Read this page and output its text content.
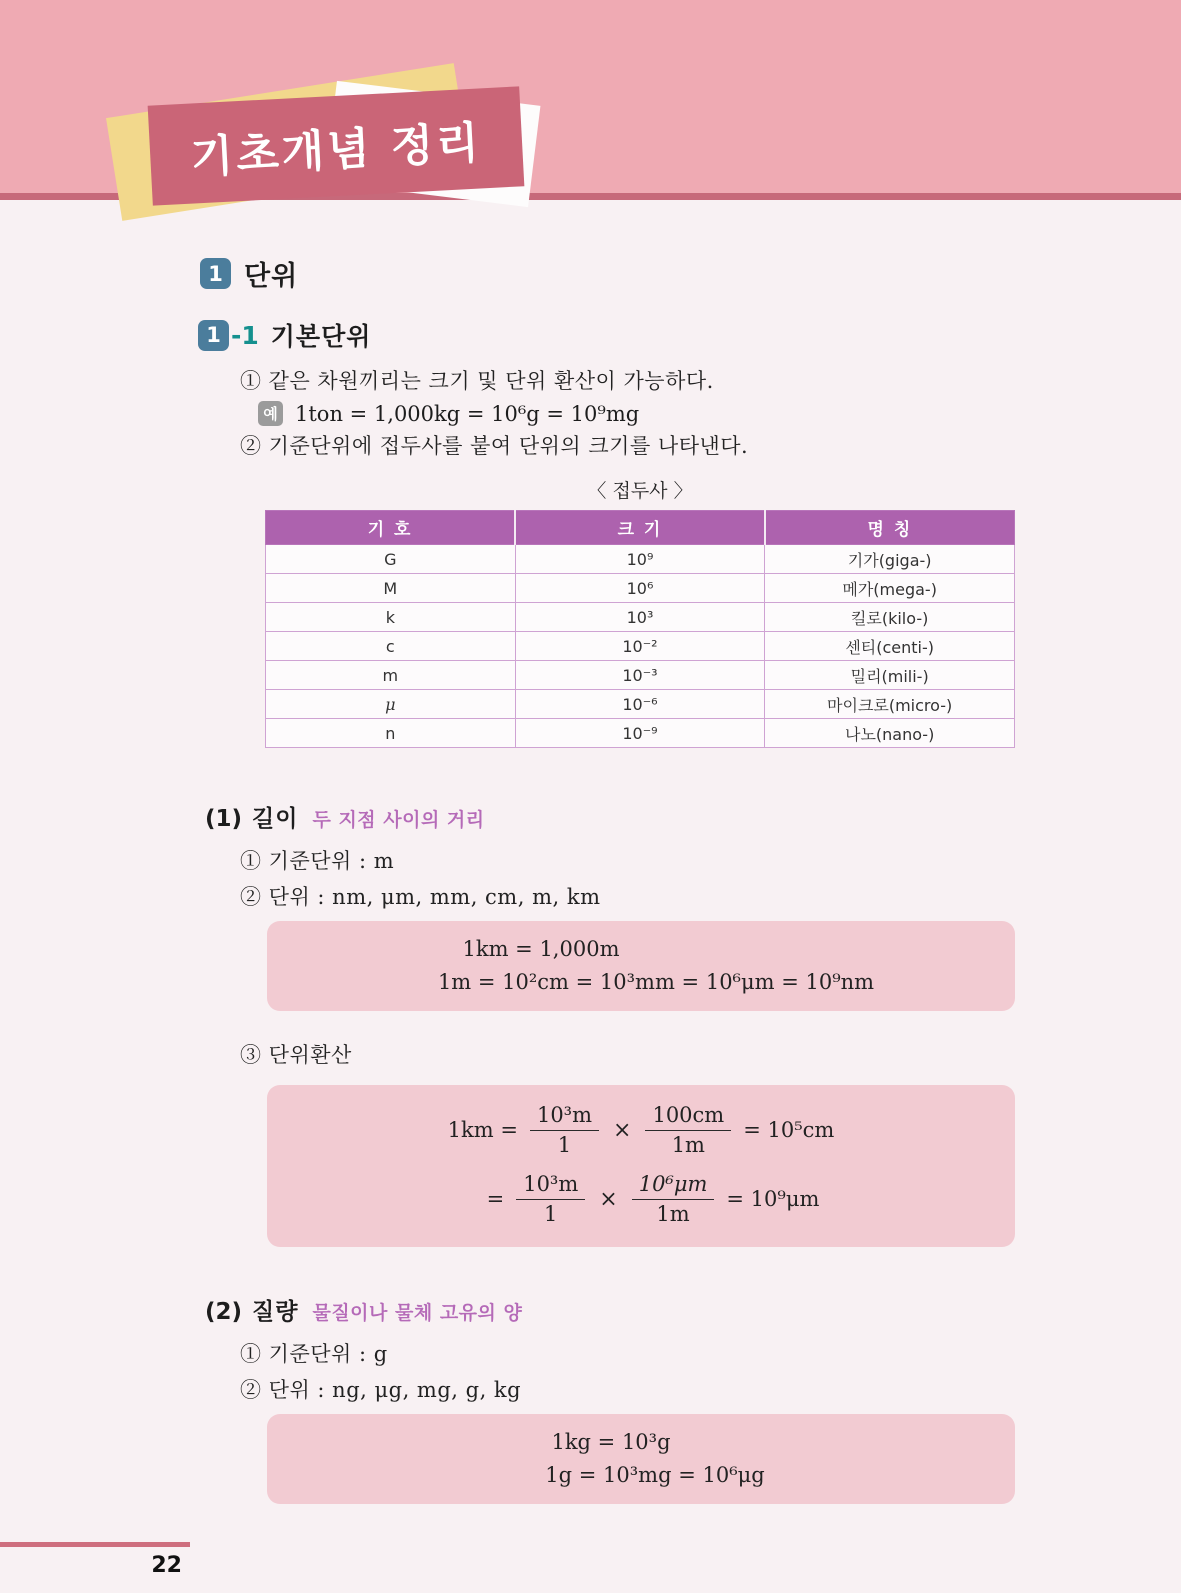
기초개념 정리
1 단위
1 -1 기본단위
① 같은 차원끼리는 크기 및 단위 환산이 가능하다.
예 1ton = 1,000kg = 10⁶g = 10⁹mg
② 기준단위에 접두사를 붙여 단위의 크기를 나타낸다.
〈 접두사 〉
기 호	크 기	명 칭
G	10⁹	기가(giga-)
M	10⁶	메가(mega-)
k	10³	킬로(kilo-)
c	10⁻²	센티(centi-)
m	10⁻³	밀리(mili-)
μ	10⁻⁶	마이크로(micro-)
n	10⁻⁹	나노(nano-)
(1) 길이 두 지점 사이의 거리
① 기준단위 : m
② 단위 : nm, μm, mm, cm, m, km
1km = 1,000m
1m = 10²cm = 10³mm = 10⁶μm = 10⁹nm
③ 단위환산
$1km = \frac{\text{10³m}}{1} \times \frac{100cm}{1m} = 10^5cm$
= $\frac{\text{10³m}}{1} \times \frac{\text{10⁶μm}}{1m} = 10^9\mu m$
(2) 질량 물질이나 물체 고유의 양
① 기준단위 : g
② 단위 : ng, μg, mg, g, kg
1kg = 10³g
1g = 10³mg = 10⁶μg
22
